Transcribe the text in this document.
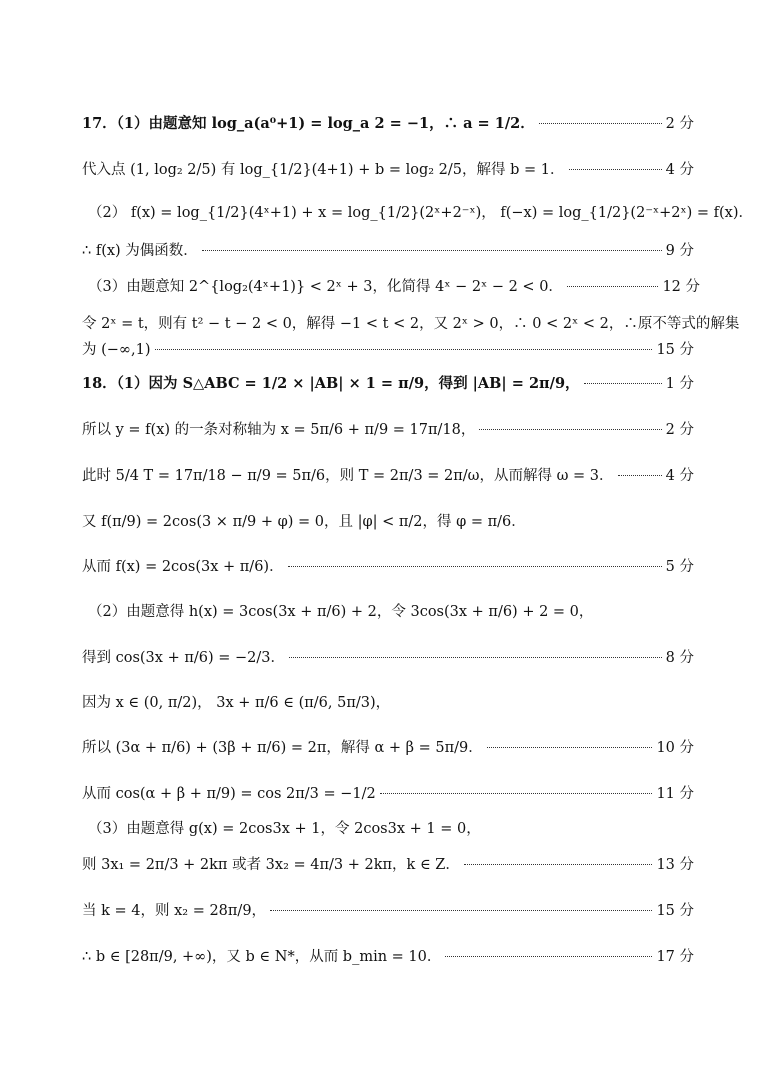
17．（1）由题意知 log_a(a⁰+1) = log_a 2 = −1，∴ a = 1/2．	2 分
代入点 (1, log₂ 2/5) 有 log_{1/2}(4+1) + b = log₂ 2/5，解得 b = 1．	4 分
（2） f(x) = log_{1/2}(4ˣ+1) + x = log_{1/2}(2ˣ+2⁻ˣ)， f(−x) = log_{1/2}(2⁻ˣ+2ˣ) = f(x)．
∴ f(x) 为偶函数．	9 分
（3）由题意知 2^{log₂(4ˣ+1)} < 2ˣ + 3，化简得 4ˣ − 2ˣ − 2 < 0．	12 分
令 2ˣ = t，则有 t² − t − 2 < 0，解得 −1 < t < 2，又 2ˣ > 0，∴ 0 < 2ˣ < 2，∴原不等式的解集
为 (−∞,1)	15 分
18．（1）因为 S△ABC = 1/2 × |AB| × 1 = π/9，得到 |AB| = 2π/9，	1 分
所以 y = f(x) 的一条对称轴为 x = 5π/6 + π/9 = 17π/18，	2 分
此时 5/4 T = 17π/18 − π/9 = 5π/6，则 T = 2π/3 = 2π/ω，从而解得 ω = 3．	4 分
又 f(π/9) = 2cos(3 × π/9 + φ) = 0，且 |φ| < π/2，得 φ = π/6．
从而 f(x) = 2cos(3x + π/6)．	5 分
（2）由题意得 h(x) = 3cos(3x + π/6) + 2，令 3cos(3x + π/6) + 2 = 0，
得到 cos(3x + π/6) = −2/3．	8 分
因为 x ∈ (0, π/2)， 3x + π/6 ∈ (π/6, 5π/3)，
所以 (3α + π/6) + (3β + π/6) = 2π，解得 α + β = 5π/9．	10 分
从而 cos(α + β + π/9) = cos 2π/3 = −1/2	11 分
（3）由题意得 g(x) = 2cos3x + 1，令 2cos3x + 1 = 0，
则 3x₁ = 2π/3 + 2kπ 或者 3x₂ = 4π/3 + 2kπ，k ∈ Z．	13 分
当 k = 4，则 x₂ = 28π/9，	15 分
∴ b ∈ [28π/9, +∞)，又 b ∈ N*，从而 b_min = 10．	17 分
